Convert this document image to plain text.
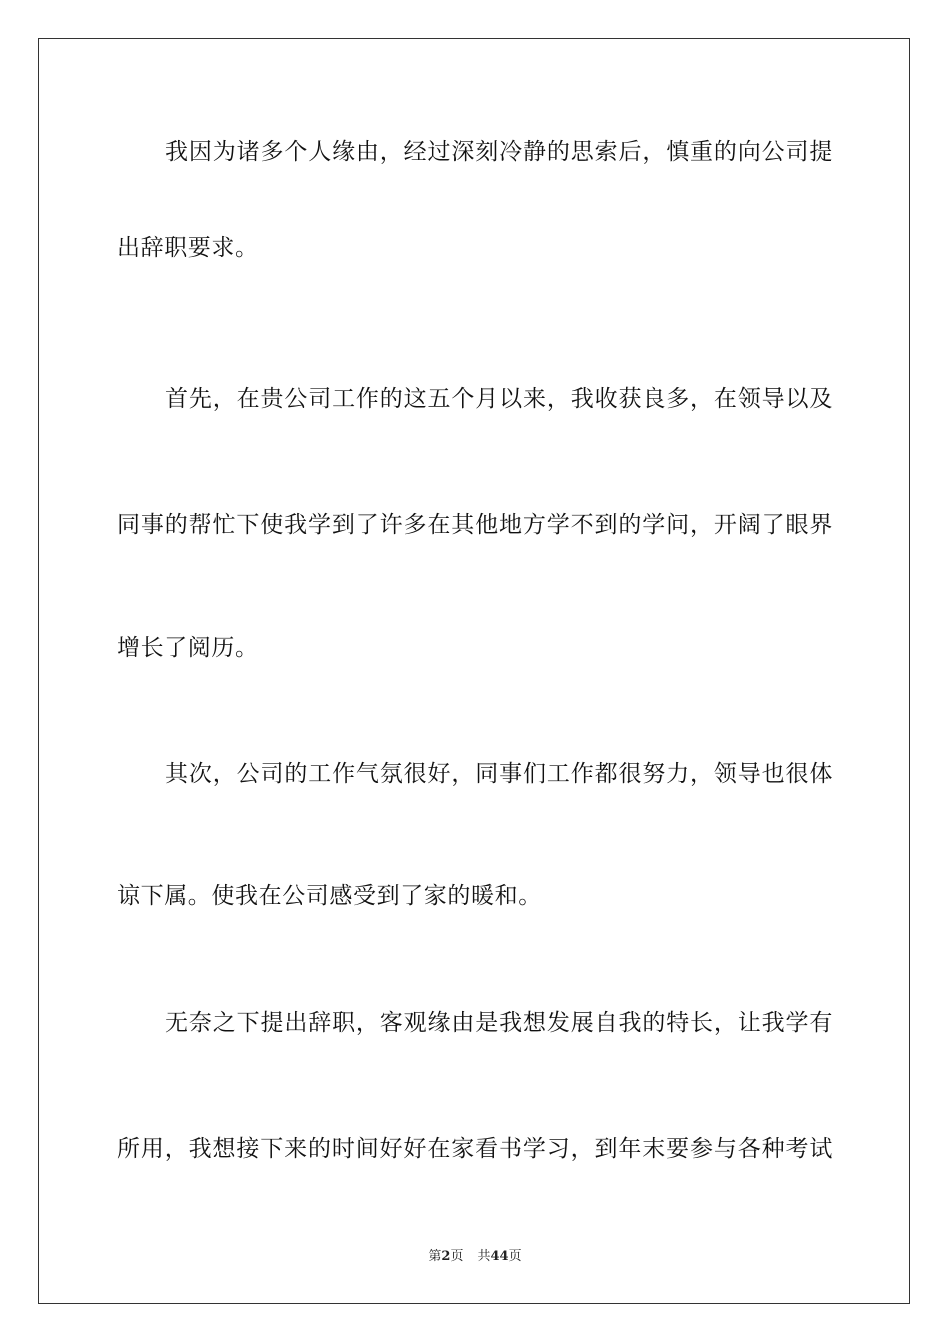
我因为诸多个人缘由，经过深刻冷静的思索后，慎重的向公司提
出辞职要求。
首先，在贵公司工作的这五个月以来，我收获良多，在领导以及
同事的帮忙下使我学到了许多在其他地方学不到的学问，开阔了眼界
增长了阅历。
其次，公司的工作气氛很好，同事们工作都很努力，领导也很体
谅下属。使我在公司感受到了家的暖和。
无奈之下提出辞职，客观缘由是我想发展自我的特长，让我学有
所用，我想接下来的时间好好在家看书学习，到年末要参与各种考试
第2页 共44页
